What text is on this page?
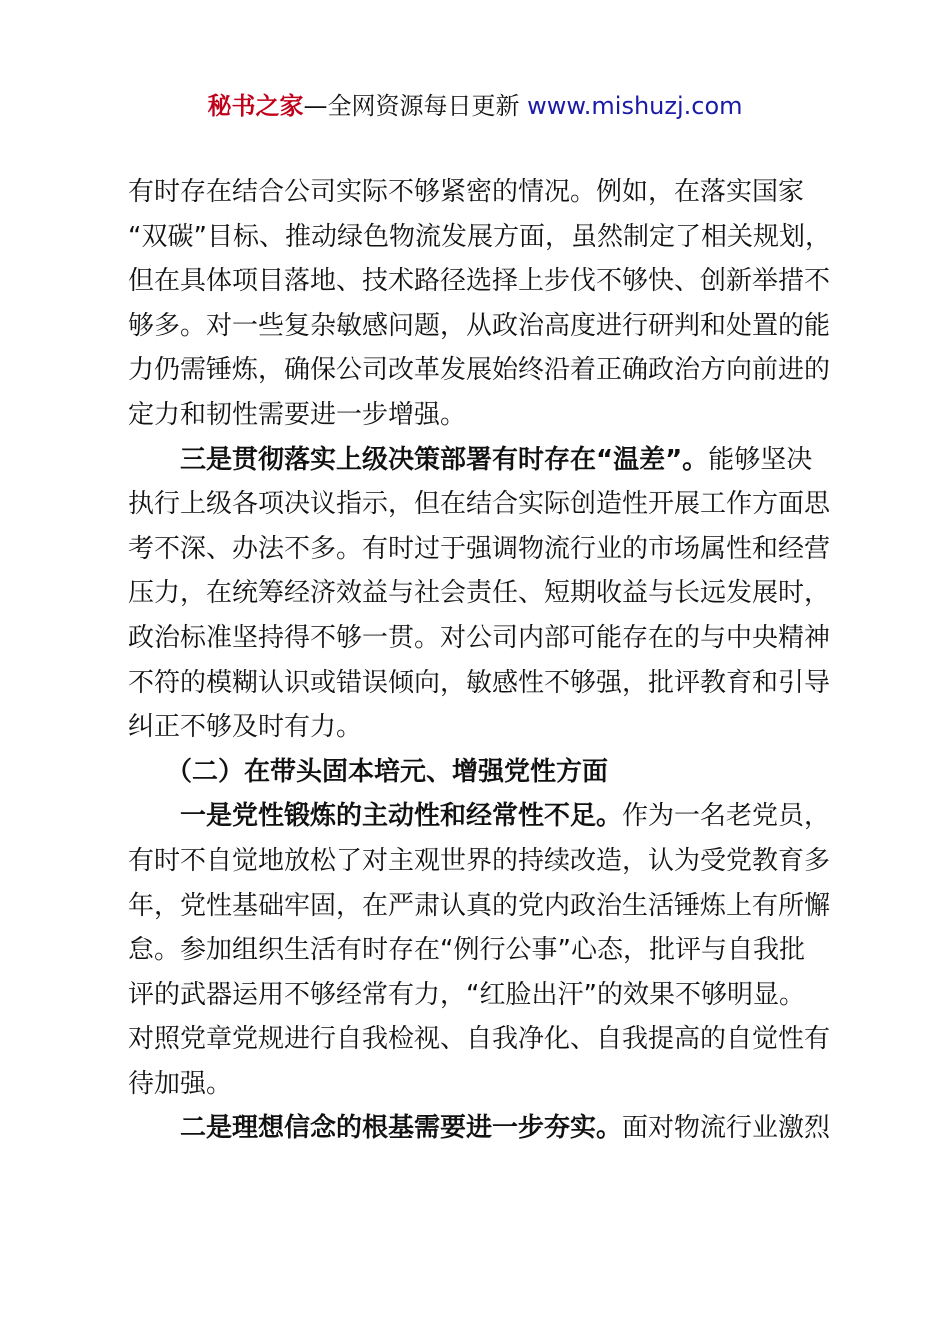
秘书之家—全网资源每日更新 www.mishuzj.com
有时存在结合公司实际不够紧密的情况。例如，在落实国家
“双碳”目标、推动绿色物流发展方面，虽然制定了相关规划，
但在具体项目落地、技术路径选择上步伐不够快、创新举措不
够多。对一些复杂敏感问题，从政治高度进行研判和处置的能
力仍需锤炼，确保公司改革发展始终沿着正确政治方向前进的
定力和韧性需要进一步增强。
三是贯彻落实上级决策部署有时存在“温差”。能够坚决
执行上级各项决议指示，但在结合实际创造性开展工作方面思
考不深、办法不多。有时过于强调物流行业的市场属性和经营
压力，在统筹经济效益与社会责任、短期收益与长远发展时，
政治标准坚持得不够一贯。对公司内部可能存在的与中央精神
不符的模糊认识或错误倾向，敏感性不够强，批评教育和引导
纠正不够及时有力。
（二）在带头固本培元、增强党性方面
一是党性锻炼的主动性和经常性不足。作为一名老党员，
有时不自觉地放松了对主观世界的持续改造，认为受党教育多
年，党性基础牢固，在严肃认真的党内政治生活锤炼上有所懈
怠。参加组织生活有时存在“例行公事”心态，批评与自我批
评的武器运用不够经常有力，“红脸出汗”的效果不够明显。
对照党章党规进行自我检视、自我净化、自我提高的自觉性有
待加强。
二是理想信念的根基需要进一步夯实。面对物流行业激烈
